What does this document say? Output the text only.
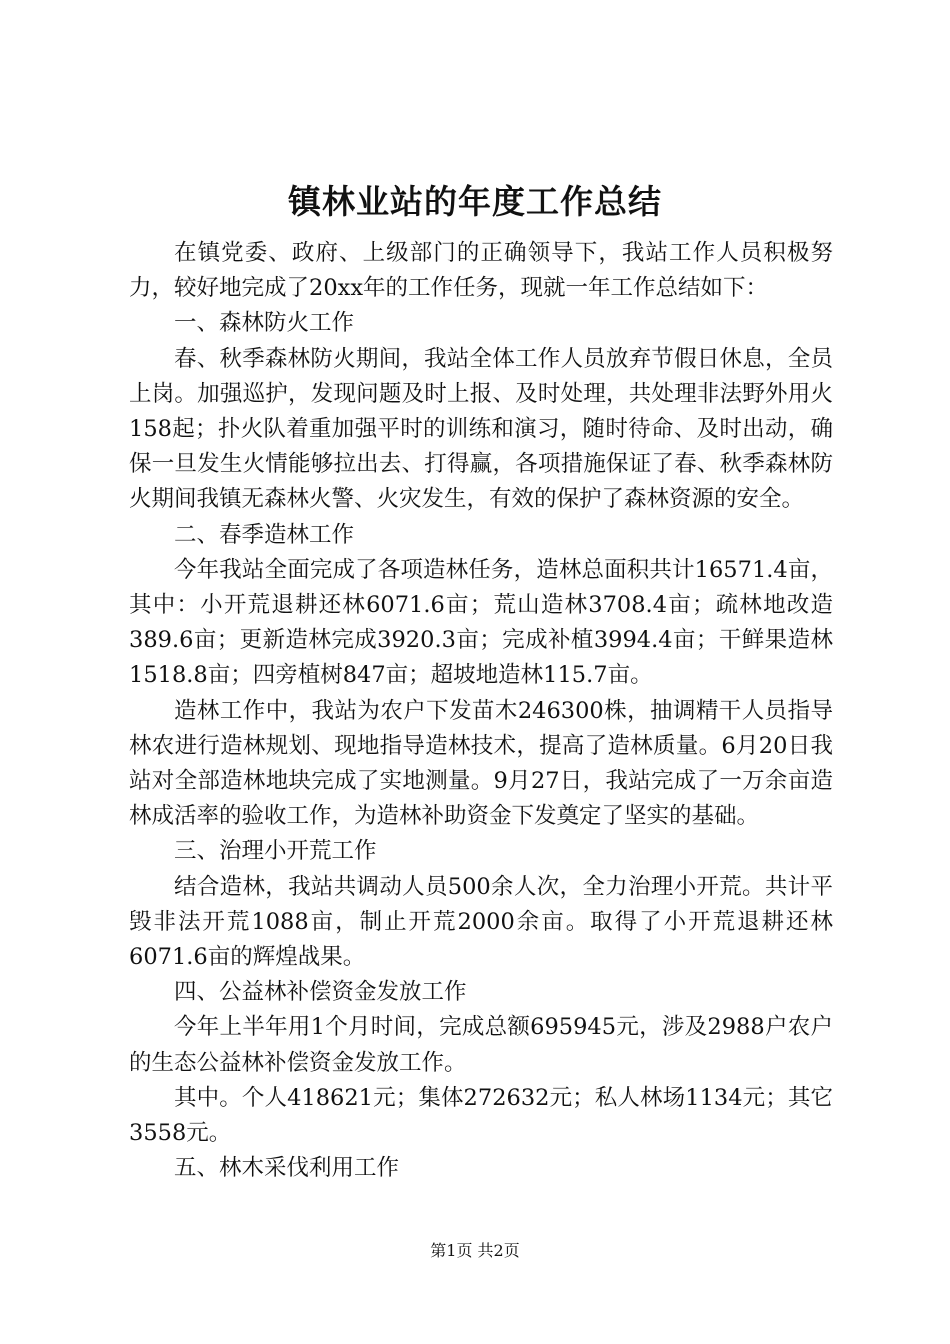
镇林业站的年度工作总结

在镇党委、政府、上级部门的正确领导下，我站工作人员积极努力，较好地完成了20xx年的工作任务，现就一年工作总结如下：

一、森林防火工作

春、秋季森林防火期间，我站全体工作人员放弃节假日休息，全员上岗。加强巡护，发现问题及时上报、及时处理，共处理非法野外用火158起；扑火队着重加强平时的训练和演习，随时待命、及时出动，确保一旦发生火情能够拉出去、打得赢，各项措施保证了春、秋季森林防火期间我镇无森林火警、火灾发生，有效的保护了森林资源的安全。

二、春季造林工作

今年我站全面完成了各项造林任务，造林总面积共计16571.4亩，其中：小开荒退耕还林6071.6亩；荒山造林3708.4亩；疏林地改造389.6亩；更新造林完成3920.3亩；完成补植3994.4亩；干鲜果造林1518.8亩；四旁植树847亩；超坡地造林115.7亩。

造林工作中，我站为农户下发苗木246300株，抽调精干人员指导林农进行造林规划、现地指导造林技术，提高了造林质量。6月20日我站对全部造林地块完成了实地测量。9月27日，我站完成了一万余亩造林成活率的验收工作，为造林补助资金下发奠定了坚实的基础。

三、治理小开荒工作

结合造林，我站共调动人员500余人次，全力治理小开荒。共计平毁非法开荒1088亩，制止开荒2000余亩。取得了小开荒退耕还林6071.6亩的辉煌战果。

四、公益林补偿资金发放工作

今年上半年用1个月时间，完成总额695945元，涉及2988户农户的生态公益林补偿资金发放工作。

其中。个人418621元；集体272632元；私人林场1134元；其它3558元。

五、林木采伐利用工作

第1页 共2页
